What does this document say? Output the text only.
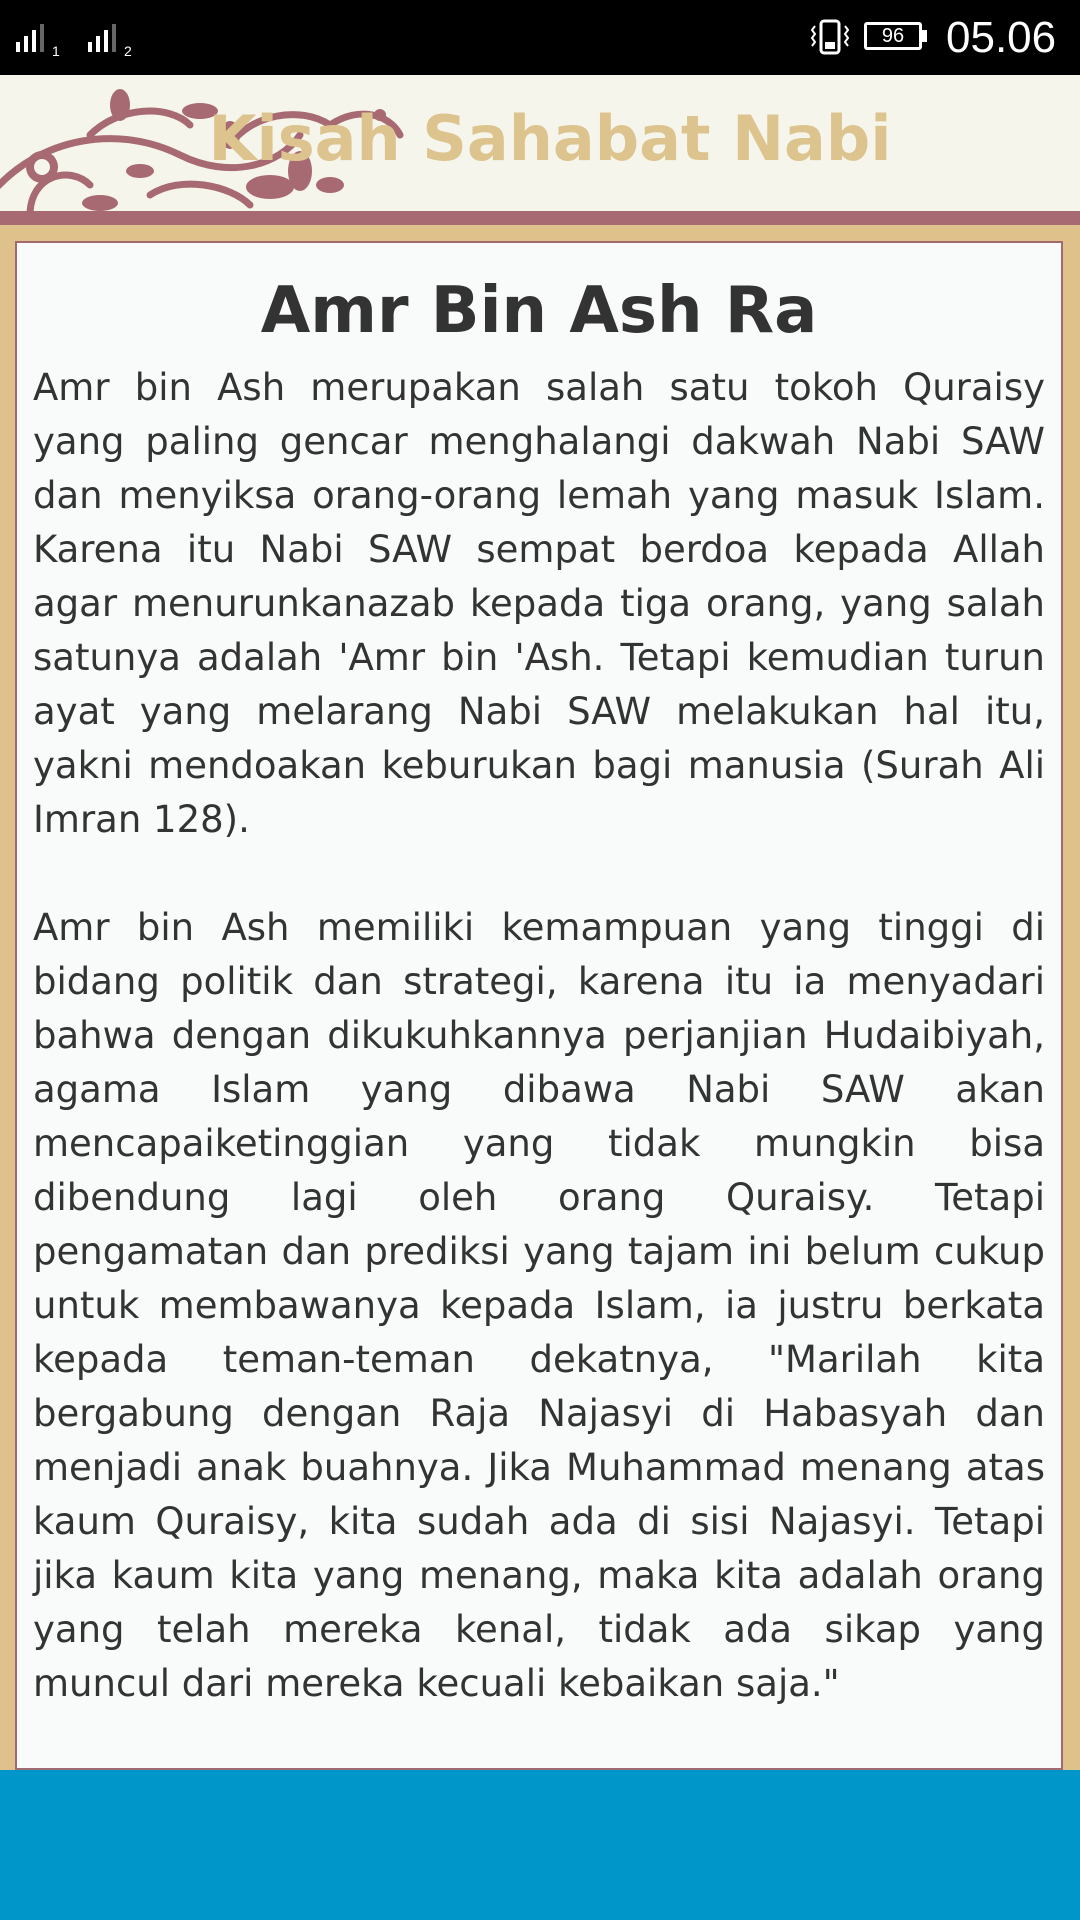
1	2
96 05.06
Kisah Sahabat Nabi
Amr Bin Ash Ra

Amr bin Ash merupakan salah satu tokoh Quraisy yang paling gencar menghalangi dakwah Nabi SAW dan menyiksa orang-orang lemah yang masuk Islam. Karena itu Nabi SAW sempat berdoa kepada Allah agar menurunkanazab kepada tiga orang, yang salah satunya adalah 'Amr bin 'Ash. Tetapi kemudian turun ayat yang melarang Nabi SAW melakukan hal itu, yakni mendoakan keburukan bagi manusia (Surah Ali Imran 128).

Amr bin Ash memiliki kemampuan yang tinggi di bidang politik dan strategi, karena itu ia menyadari bahwa dengan dikukuhkannya perjanjian Hudaibiyah, agama Islam yang dibawa Nabi SAW akan mencapaiketinggian yang tidak mungkin bisa dibendung lagi oleh orang Quraisy. Tetapi pengamatan dan prediksi yang tajam ini belum cukup untuk membawanya kepada Islam, ia justru berkata kepada teman-teman dekatnya, "Marilah kita bergabung dengan Raja Najasyi di Habasyah dan menjadi anak buahnya. Jika Muhammad menang atas kaum Quraisy, kita sudah ada di sisi Najasyi. Tetapi jika kaum kita yang menang, maka kita adalah orang yang telah mereka kenal, tidak ada sikap yang muncul dari mereka kecuali kebaikan saja."
